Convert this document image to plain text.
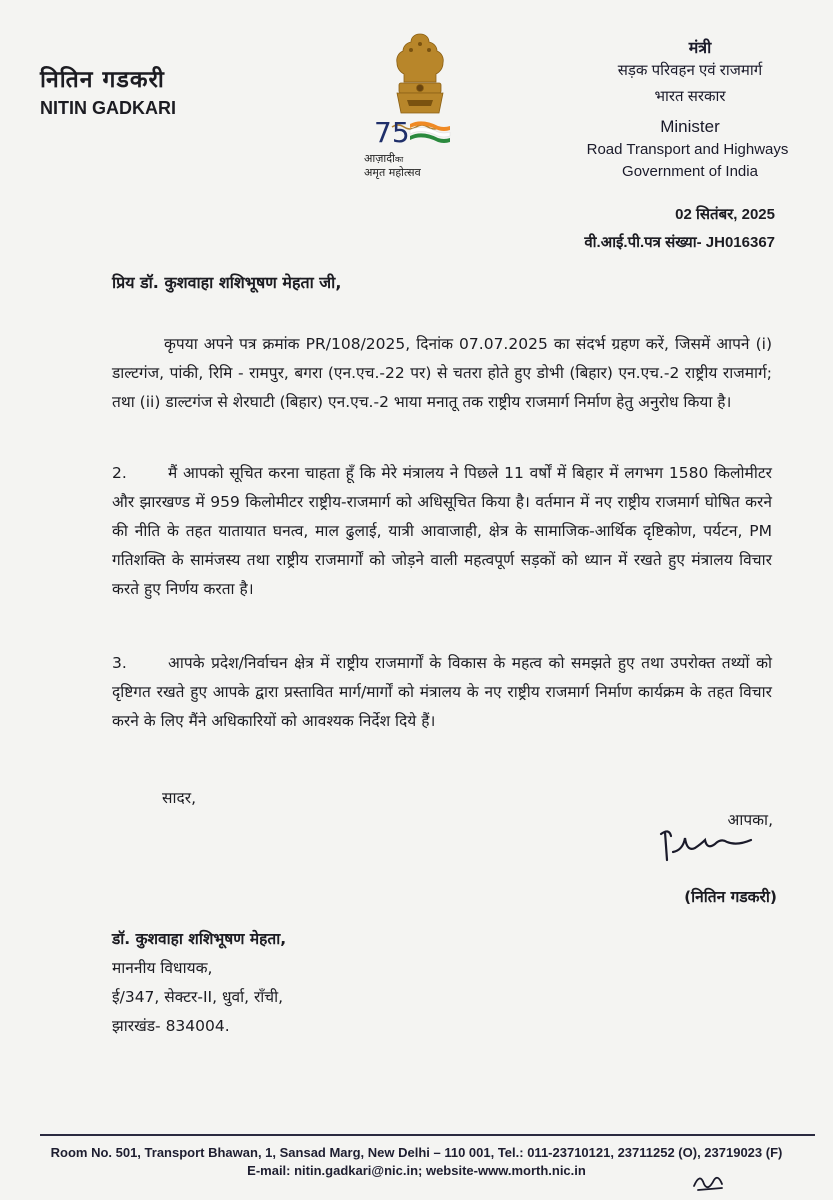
नितिन गडकरी
NITIN GADKARI
75
आज़ादीका
अमृत महोत्सव
मंत्री
सड़क परिवहन एवं राजमार्ग
भारत सरकार
Minister
Road Transport and Highways
Government of India
02 सितंबर, 2025
वी.आई.पी.पत्र संख्या- JH016367
प्रिय डॉ. कुशवाहा शशिभूषण मेहता जी,
कृपया अपने पत्र क्रमांक PR/108/2025, दिनांक 07.07.2025 का संदर्भ ग्रहण करें, जिसमें आपने (i) डाल्टगंज, पांकी, रिमि - रामपुर, बगरा (एन.एच.-22 पर) से चतरा होते हुए डोभी (बिहार) एन.एच.-2 राष्ट्रीय राजमार्ग; तथा (ii) डाल्टगंज से शेरघाटी (बिहार) एन.एच.-2 भाया मनातू तक राष्ट्रीय राजमार्ग निर्माण हेतु अनुरोध किया है।
2.	मैं आपको सूचित करना चाहता हूँ कि मेरे मंत्रालय ने पिछले 11 वर्षों में बिहार में लगभग 1580 किलोमीटर और झारखण्ड में 959 किलोमीटर राष्ट्रीय-राजमार्ग को अधिसूचित किया है। वर्तमान में नए राष्ट्रीय राजमार्ग घोषित करने की नीति के तहत यातायात घनत्व, माल ढुलाई, यात्री आवाजाही, क्षेत्र के सामाजिक-आर्थिक दृष्टिकोण, पर्यटन, PM गतिशक्ति के सामंजस्य तथा राष्ट्रीय राजमार्गों को जोड़ने वाली महत्वपूर्ण सड़कों को ध्यान में रखते हुए मंत्रालय विचार करते हुए निर्णय करता है।
3.	आपके प्रदेश/निर्वाचन क्षेत्र में राष्ट्रीय राजमार्गों के विकास के महत्व को समझते हुए तथा उपरोक्त तथ्यों को दृष्टिगत रखते हुए आपके द्वारा प्रस्तावित मार्ग/मार्गों को मंत्रालय के नए राष्ट्रीय राजमार्ग निर्माण कार्यक्रम के तहत विचार करने के लिए मैंने अधिकारियों को आवश्यक निर्देश दिये हैं।
सादर,
आपका,
(नितिन गडकरी)
डॉ. कुशवाहा शशिभूषण मेहता,
माननीय विधायक,
ई/347, सेक्टर-II, धुर्वा, राँची,
झारखंड- 834004.
Room No. 501, Transport Bhawan, 1, Sansad Marg, New Delhi – 110 001, Tel.: 011-23710121, 23711252 (O), 23719023 (F)
E-mail: nitin.gadkari@nic.in; website-www.morth.nic.in
